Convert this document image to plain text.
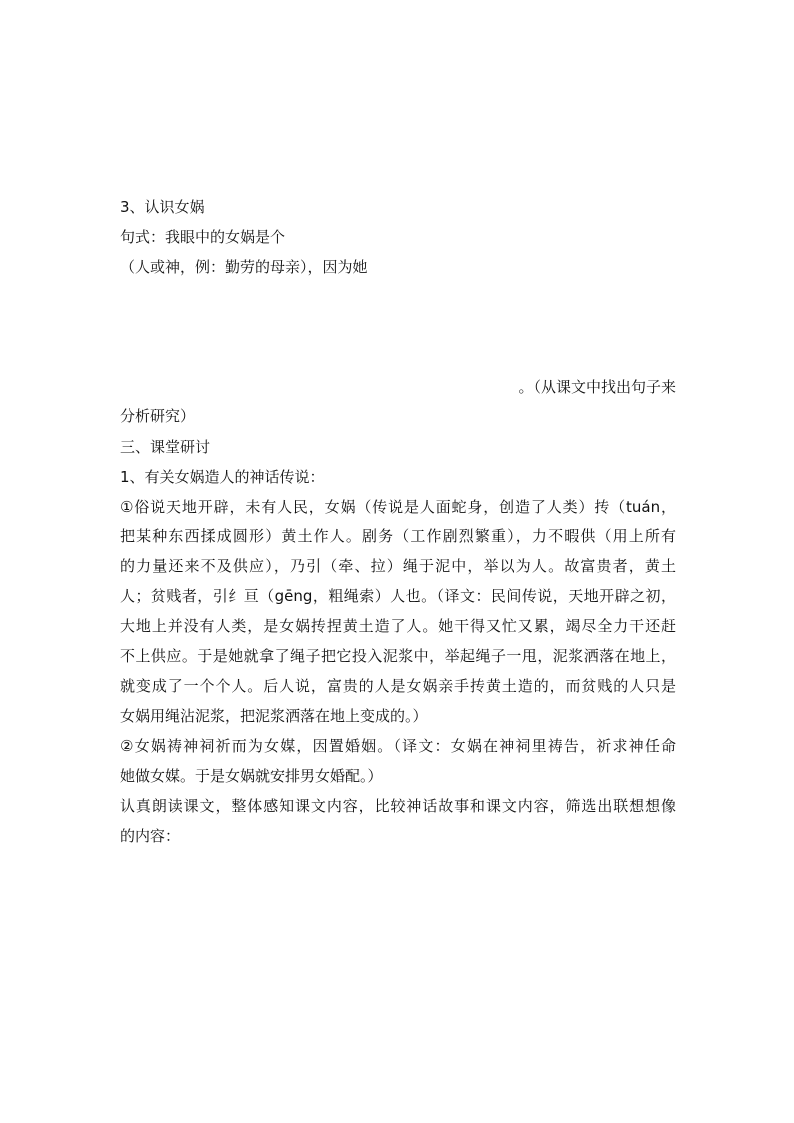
3、认识女娲
句式：我眼中的女娲是个
（人或神，例：勤劳的母亲），因为她
。（从课文中找出句子来
分析研究）
三、课堂研讨
1、有关女娲造人的神话传说：
①俗说天地开辟，未有人民，女娲（传说是人面蛇身，创造了人类）抟（tuán，
把某种东西揉成圆形）黄土作人。剧务（工作剧烈繁重），力不暇供（用上所有
的力量还来不及供应），乃引（牵、拉）绳于泥中，举以为人。故富贵者，黄土
人；贫贱者，引纟亘（gēng，粗绳索）人也。（译文：民间传说，天地开辟之初，
大地上并没有人类，是女娲抟捏黄土造了人。她干得又忙又累，竭尽全力干还赶
不上供应。于是她就拿了绳子把它投入泥浆中，举起绳子一甩，泥浆洒落在地上，
就变成了一个个人。后人说，富贵的人是女娲亲手抟黄土造的，而贫贱的人只是
女娲用绳沾泥浆，把泥浆洒落在地上变成的。）
②女娲祷神祠祈而为女媒，因置婚姻。（译文：女娲在神祠里祷告，祈求神任命
她做女媒。于是女娲就安排男女婚配。）
认真朗读课文，整体感知课文内容，比较神话故事和课文内容，筛选出联想想像
的内容：
